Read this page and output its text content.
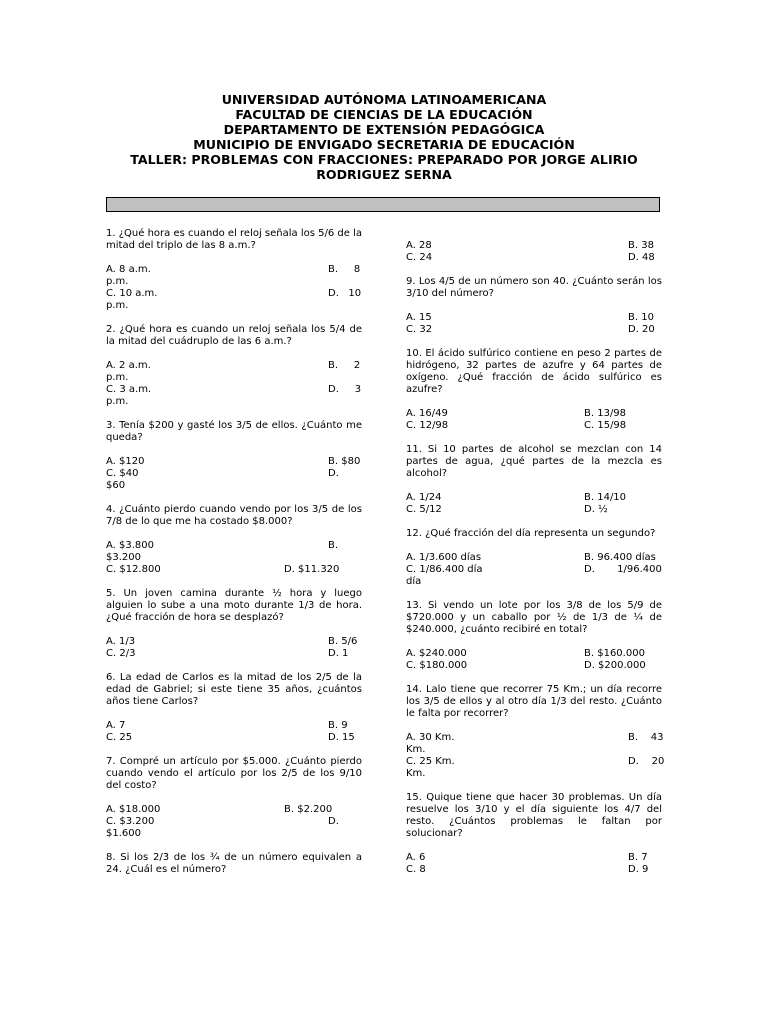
UNIVERSIDAD AUTÓNOMA LATINOAMERICANA
FACULTAD DE CIENCIAS DE LA EDUCACIÓN
DEPARTAMENTO DE EXTENSIÓN PEDAGÓGICA
MUNICIPIO DE ENVIGADO SECRETARIA DE EDUCACIÓN
TALLER: PROBLEMAS CON FRACCIONES: PREPARADO POR JORGE ALIRIO
RODRIGUEZ SERNA
1. ¿Qué hora es cuando el reloj señala los 5/6 de la mitad del triplo de las 8 a.m.?
A. 8 a.m.	B.     8
p.m.
C. 10 a.m.	D.   10
p.m.
2. ¿Qué hora es cuando un reloj señala los 5/4 de la mitad del cuádruplo de las 6 a.m.?
A. 2 a.m.	B.     2
p.m.
C. 3 a.m.	D.     3
p.m.
3. Tenía $200 y gasté los 3/5 de ellos. ¿Cuánto me queda?
A. $120	B. $80
C. $40	D.
$60
4. ¿Cuánto pierdo cuando vendo por los 3/5 de los 7/8 de lo que me ha costado $8.000?
A. $3.800	B.
$3.200
C. $12.800	D. $11.320
5. Un joven camina durante ½ hora y luego alguien lo sube a una moto durante 1/3 de hora. ¿Qué fracción de hora se desplazó?
A. 1/3	B. 5/6
C. 2/3	D. 1
6. La edad de Carlos es la mitad de los 2/5 de la edad de Gabriel; si este tiene 35 años, ¿cuántos años tiene Carlos?
A. 7	B. 9
C. 25	D. 15
7. Compré un artículo por $5.000. ¿Cuánto pierdo cuando vendo el artículo por los 2/5 de los 9/10 del costo?
A. $18.000	B. $2.200
C. $3.200	D.
$1.600
8. Si los 2/3 de los ¾ de un número equivalen a 24. ¿Cuál es el número?
A. 28	B. 38
C. 24	D. 48
9. Los 4/5 de un número son 40. ¿Cuánto serán los 3/10 del número?
A. 15	B. 10
C. 32	D. 20
10. El ácido sulfúrico contiene en peso 2 partes de hidrógeno, 32 partes de azufre y 64 partes de oxígeno. ¿Qué fracción de ácido sulfúrico es azufre?
A. 16/49	B. 13/98
C. 12/98	C. 15/98
11. Si 10 partes de alcohol se mezclan con 14 partes de agua, ¿qué partes de la mezcla es alcohol?
A. 1/24	B. 14/10
C. 5/12	D. ½
12. ¿Qué fracción del día representa un segundo?
A. 1/3.600 días	B. 96.400 días
C. 1/86.400 día	D.       1/96.400
día
13. Si vendo un lote por los 3/8 de los 5/9 de $720.000 y un caballo por ½ de 1/3 de ¼ de $240.000, ¿cuánto recibiré en total?
A. $240.000	B. $160.000
C. $180.000	D. $200.000
14. Lalo tiene que recorrer 75 Km.; un día recorre los 3/5 de ellos y al otro día 1/3 del resto. ¿Cuánto le falta por recorrer?
A. 30 Km.	B.    43
Km.
C. 25 Km.	D.    20
Km.
15. Quique tiene que hacer 30 problemas. Un día resuelve los 3/10 y el día siguiente los 4/7 del resto. ¿Cuántos problemas le faltan por solucionar?
A. 6	B. 7
C. 8	D. 9
